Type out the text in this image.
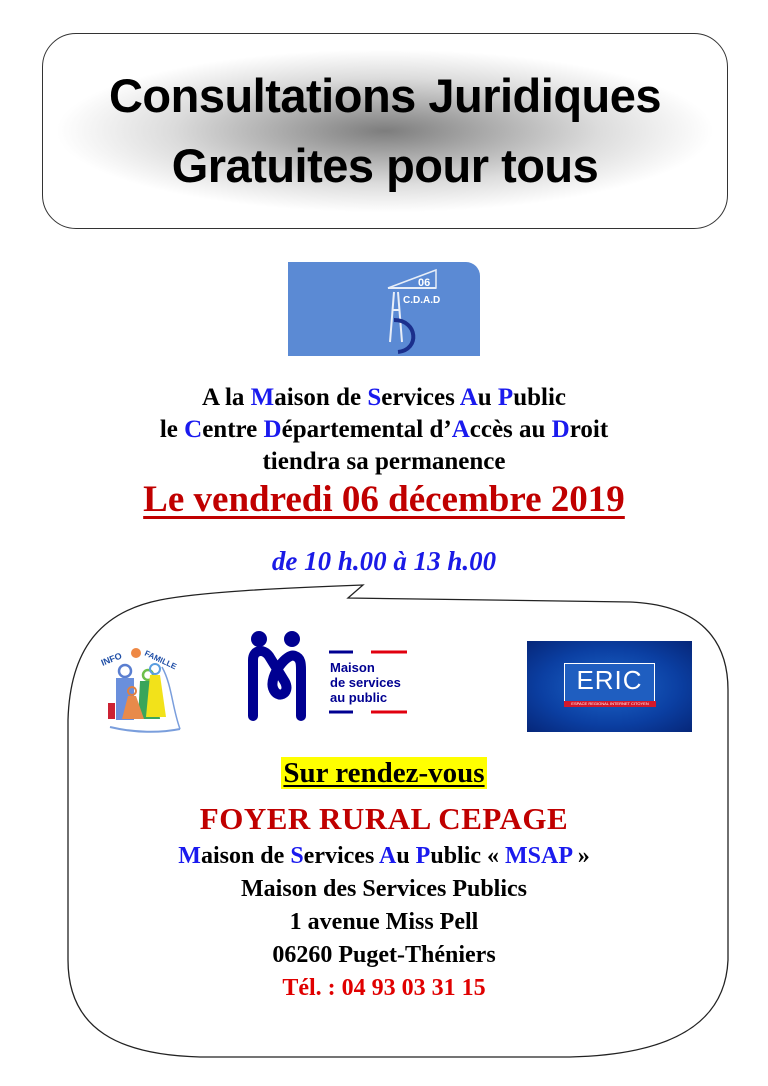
Consultations Juridiques
Gratuites pour tous
06
C.D.A.D
A la Maison de Services Au Public
le Centre Départemental d’Accès au Droit
tiendra sa permanence
Le vendredi 06 décembre 2019
de 10 h.00 à 13 h.00
INFO FAMILLE	Maison
de services
au public
ERIC
ESPACE REGIONAL INTERNET CITOYEN
Sur rendez-vous
FOYER RURAL CEPAGE
Maison de Services Au Public « MSAP »
Maison des Services Publics
1 avenue Miss Pell
06260 Puget-Théniers
Tél. : 04 93 03 31 15
